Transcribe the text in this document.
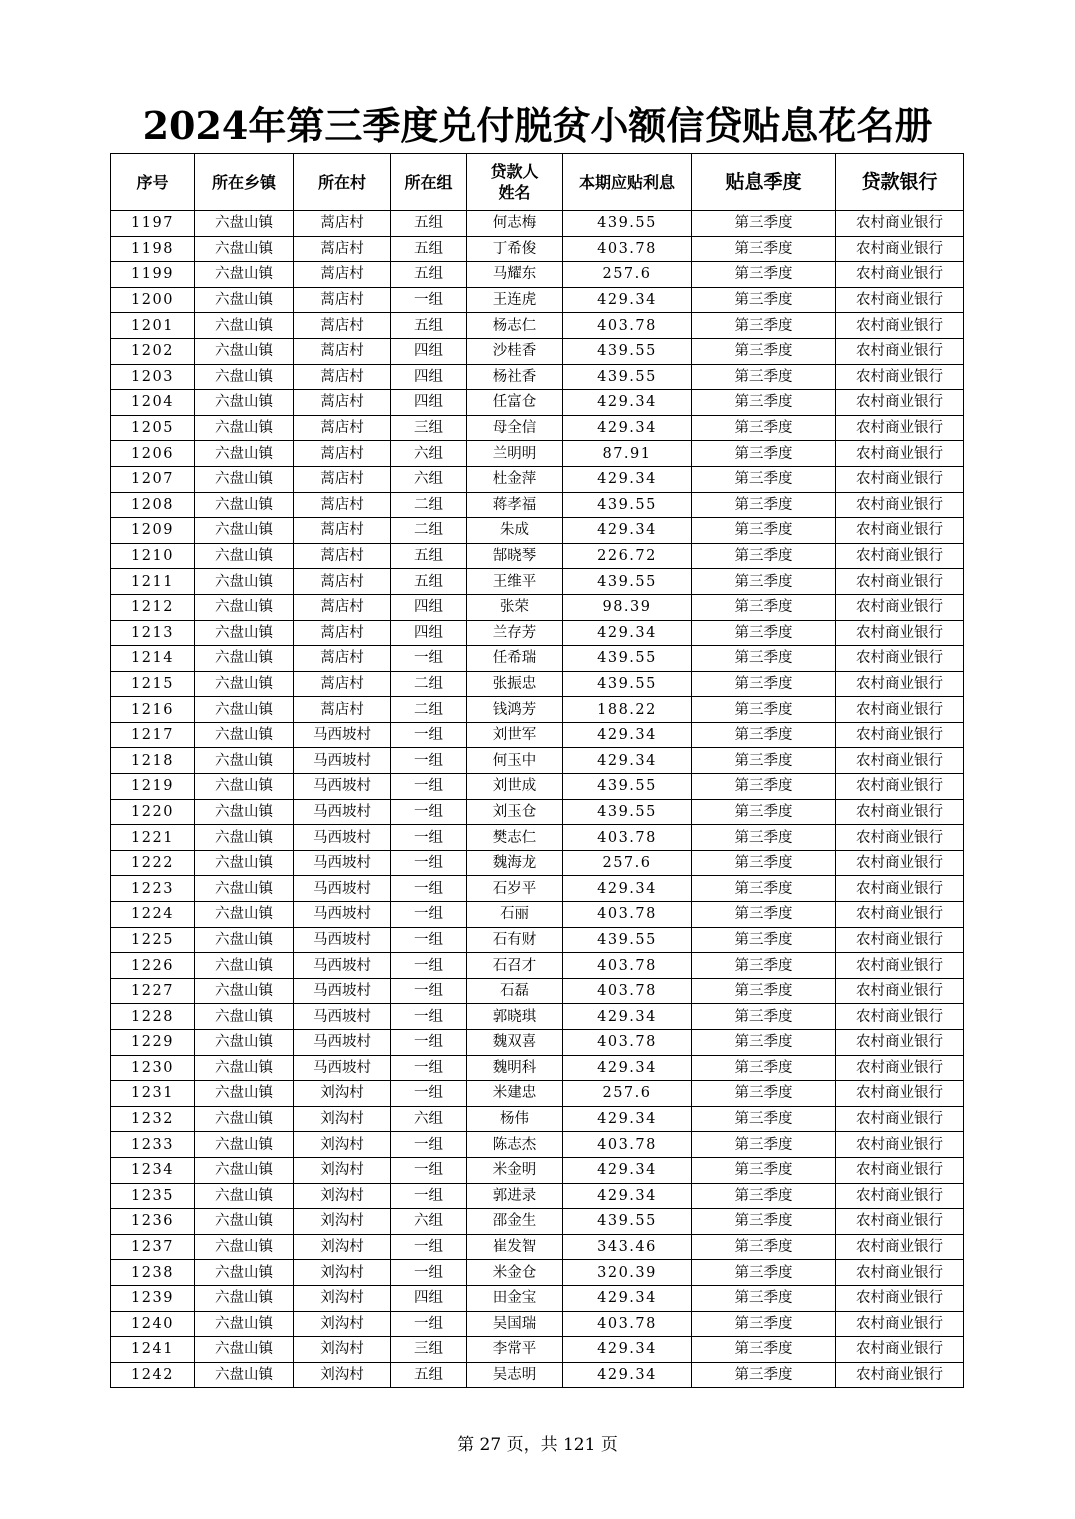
2024年第三季度兑付脱贫小额信贷贴息花名册
序号	所在乡镇	所在村	所在组	贷款人姓名	本期应贴利息	贴息季度	贷款银行
1197	六盘山镇	蒿店村	五组	何志梅	439.55	第三季度	农村商业银行
1198	六盘山镇	蒿店村	五组	丁希俊	403.78	第三季度	农村商业银行
1199	六盘山镇	蒿店村	五组	马耀东	257.6	第三季度	农村商业银行
1200	六盘山镇	蒿店村	一组	王连虎	429.34	第三季度	农村商业银行
1201	六盘山镇	蒿店村	五组	杨志仁	403.78	第三季度	农村商业银行
1202	六盘山镇	蒿店村	四组	沙桂香	439.55	第三季度	农村商业银行
1203	六盘山镇	蒿店村	四组	杨社香	439.55	第三季度	农村商业银行
1204	六盘山镇	蒿店村	四组	任富仓	429.34	第三季度	农村商业银行
1205	六盘山镇	蒿店村	三组	母全信	429.34	第三季度	农村商业银行
1206	六盘山镇	蒿店村	六组	兰明明	87.91	第三季度	农村商业银行
1207	六盘山镇	蒿店村	六组	杜金萍	429.34	第三季度	农村商业银行
1208	六盘山镇	蒿店村	二组	蒋孝福	439.55	第三季度	农村商业银行
1209	六盘山镇	蒿店村	二组	朱成	429.34	第三季度	农村商业银行
1210	六盘山镇	蒿店村	五组	郜晓琴	226.72	第三季度	农村商业银行
1211	六盘山镇	蒿店村	五组	王维平	439.55	第三季度	农村商业银行
1212	六盘山镇	蒿店村	四组	张荣	98.39	第三季度	农村商业银行
1213	六盘山镇	蒿店村	四组	兰存芳	429.34	第三季度	农村商业银行
1214	六盘山镇	蒿店村	一组	任希瑞	439.55	第三季度	农村商业银行
1215	六盘山镇	蒿店村	二组	张振忠	439.55	第三季度	农村商业银行
1216	六盘山镇	蒿店村	二组	钱鸿芳	188.22	第三季度	农村商业银行
1217	六盘山镇	马西坡村	一组	刘世军	429.34	第三季度	农村商业银行
1218	六盘山镇	马西坡村	一组	何玉中	429.34	第三季度	农村商业银行
1219	六盘山镇	马西坡村	一组	刘世成	439.55	第三季度	农村商业银行
1220	六盘山镇	马西坡村	一组	刘玉仓	439.55	第三季度	农村商业银行
1221	六盘山镇	马西坡村	一组	樊志仁	403.78	第三季度	农村商业银行
1222	六盘山镇	马西坡村	一组	魏海龙	257.6	第三季度	农村商业银行
1223	六盘山镇	马西坡村	一组	石岁平	429.34	第三季度	农村商业银行
1224	六盘山镇	马西坡村	一组	石丽	403.78	第三季度	农村商业银行
1225	六盘山镇	马西坡村	一组	石有财	439.55	第三季度	农村商业银行
1226	六盘山镇	马西坡村	一组	石召才	403.78	第三季度	农村商业银行
1227	六盘山镇	马西坡村	一组	石磊	403.78	第三季度	农村商业银行
1228	六盘山镇	马西坡村	一组	郭晓琪	429.34	第三季度	农村商业银行
1229	六盘山镇	马西坡村	一组	魏双喜	403.78	第三季度	农村商业银行
1230	六盘山镇	马西坡村	一组	魏明科	429.34	第三季度	农村商业银行
1231	六盘山镇	刘沟村	一组	米建忠	257.6	第三季度	农村商业银行
1232	六盘山镇	刘沟村	六组	杨伟	429.34	第三季度	农村商业银行
1233	六盘山镇	刘沟村	一组	陈志杰	403.78	第三季度	农村商业银行
1234	六盘山镇	刘沟村	一组	米金明	429.34	第三季度	农村商业银行
1235	六盘山镇	刘沟村	一组	郭进录	429.34	第三季度	农村商业银行
1236	六盘山镇	刘沟村	六组	邵金生	439.55	第三季度	农村商业银行
1237	六盘山镇	刘沟村	一组	崔发智	343.46	第三季度	农村商业银行
1238	六盘山镇	刘沟村	一组	米金仓	320.39	第三季度	农村商业银行
1239	六盘山镇	刘沟村	四组	田金宝	429.34	第三季度	农村商业银行
1240	六盘山镇	刘沟村	一组	吴国瑞	403.78	第三季度	农村商业银行
1241	六盘山镇	刘沟村	三组	李常平	429.34	第三季度	农村商业银行
1242	六盘山镇	刘沟村	五组	吴志明	429.34	第三季度	农村商业银行
第 27 页，共 121 页
